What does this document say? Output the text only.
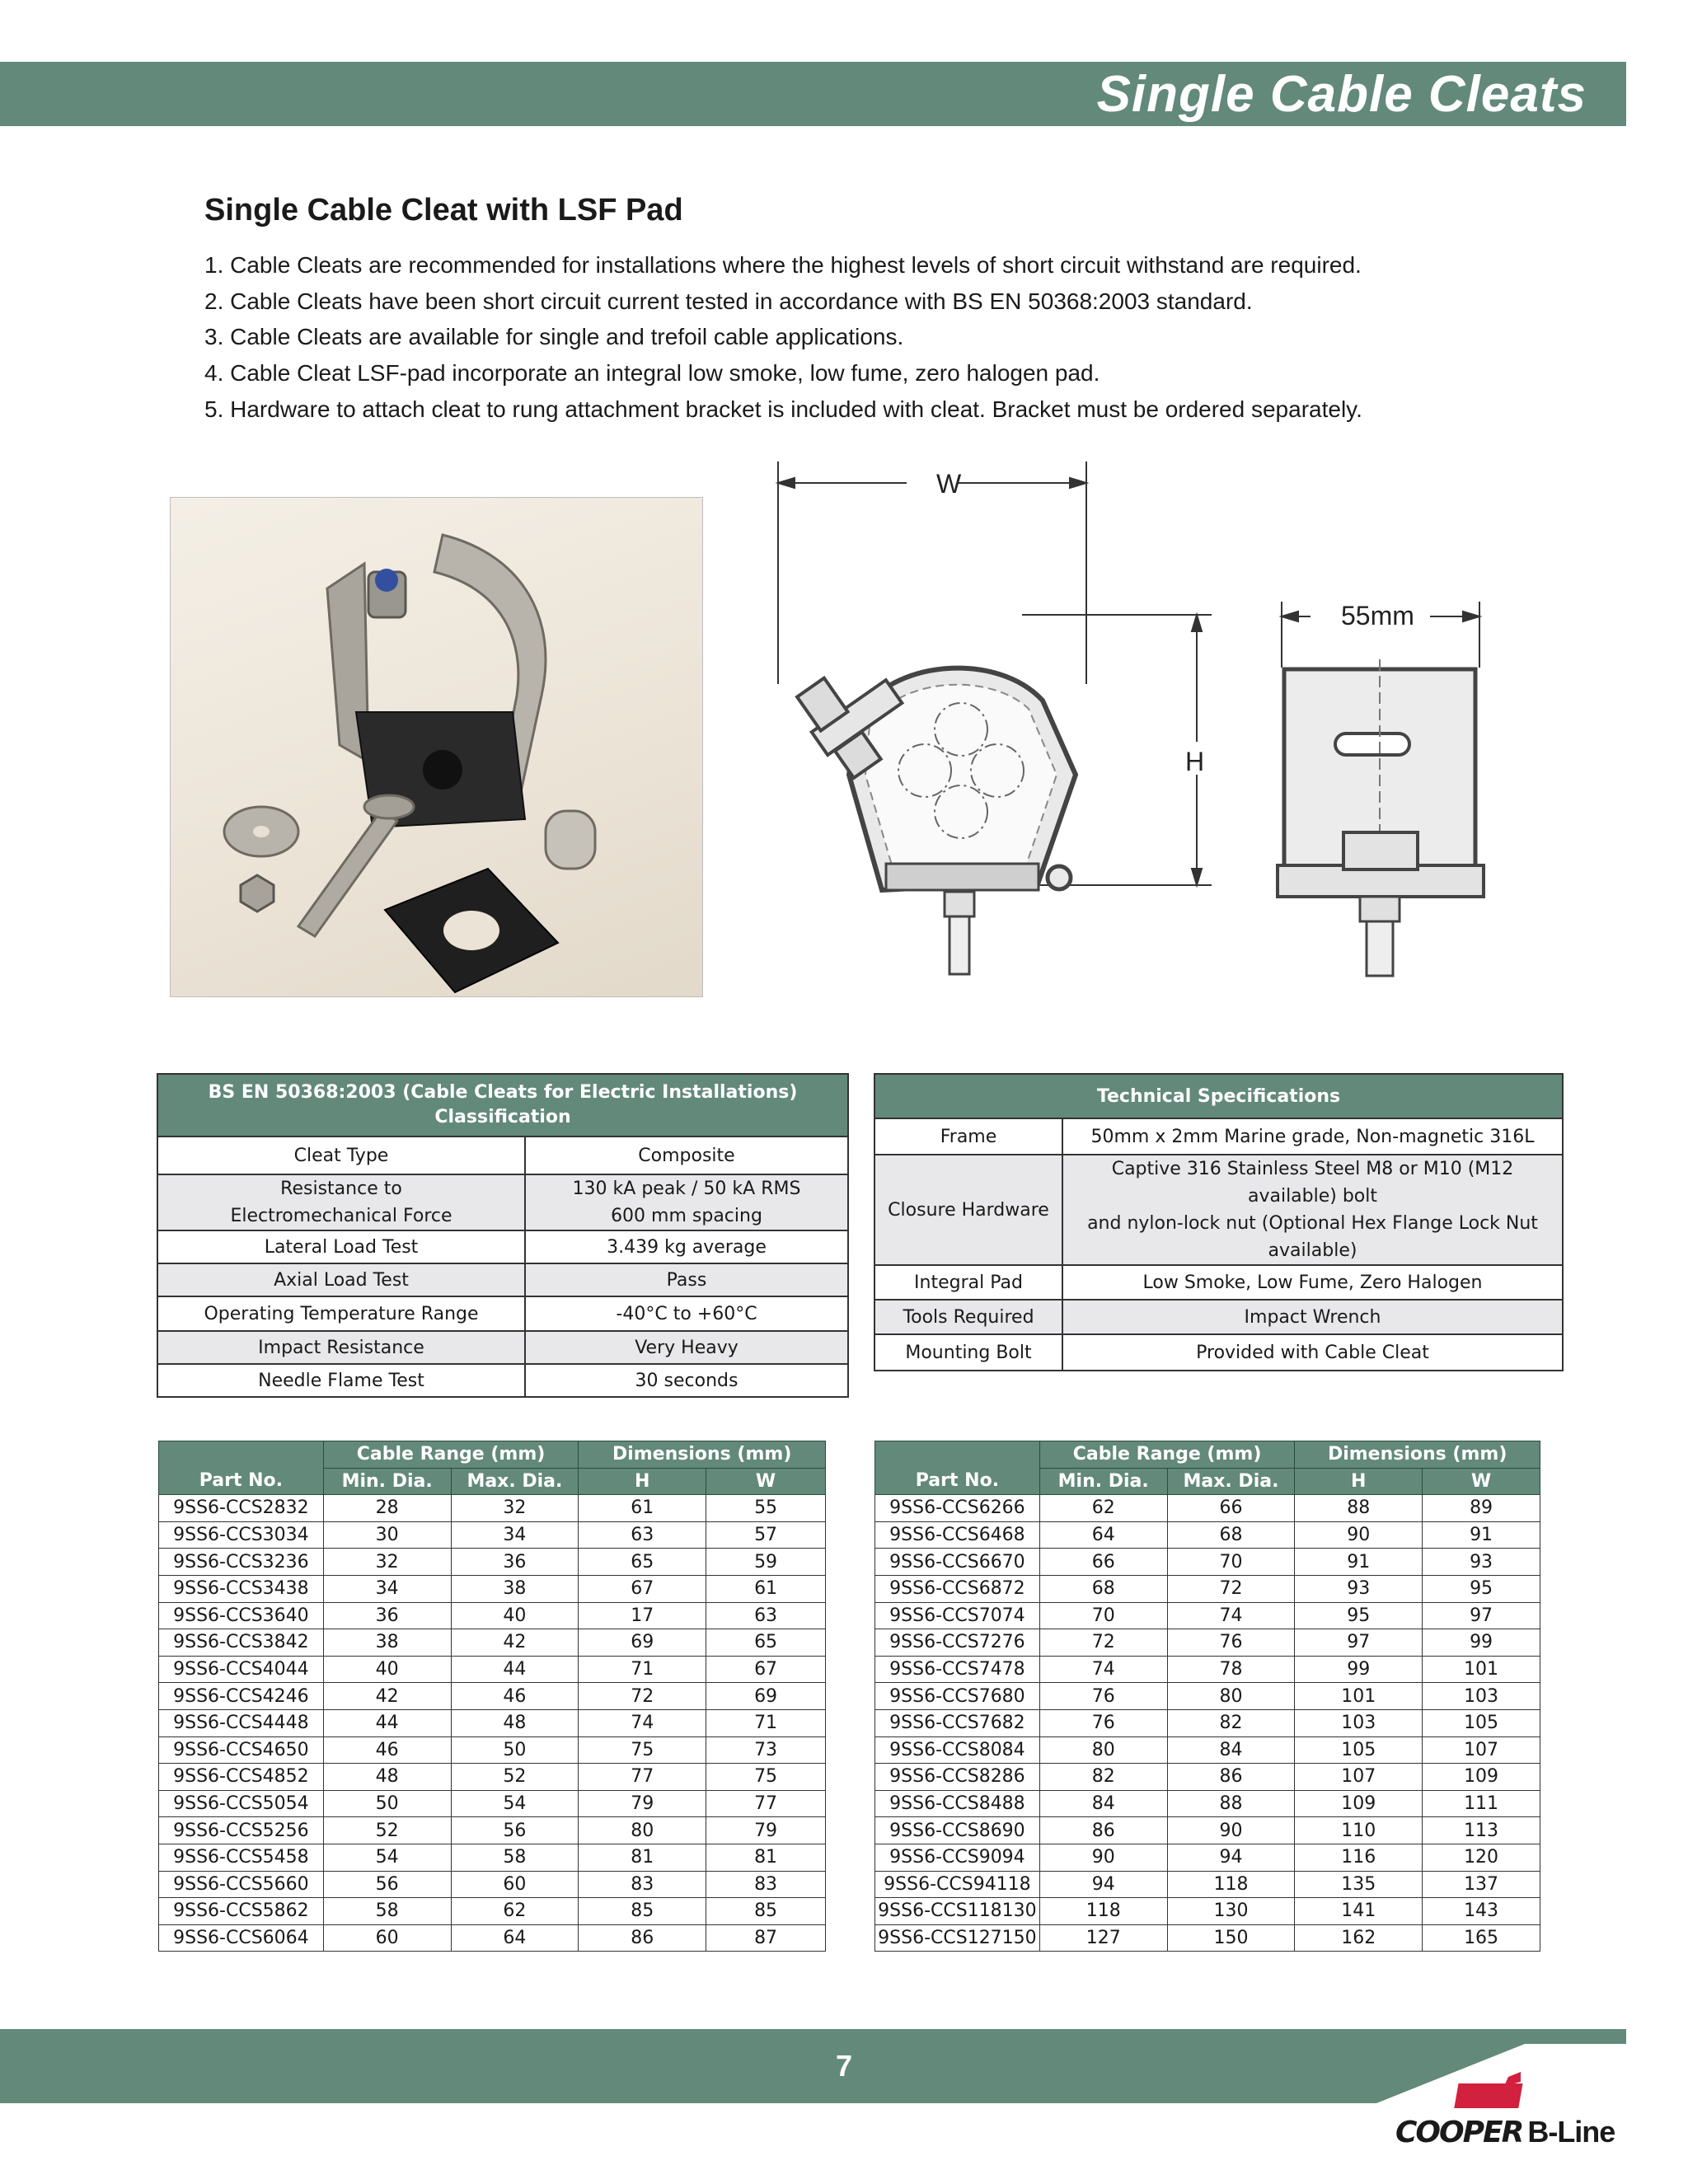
Single Cable Cleats
Single Cable Cleat with LSF Pad
1. Cable Cleats are recommended for installations where the highest levels of short circuit withstand are required.
2. Cable Cleats have been short circuit current tested in accordance with BS EN 50368:2003 standard.
3. Cable Cleats are available for single and trefoil cable applications.
4. Cable Cleat LSF-pad incorporate an integral low smoke, low fume, zero halogen pad.
5. Hardware to attach cleat to rung attachment bracket is included with cleat. Bracket must be ordered separately.
W
H
55mm
BS EN 50368:2003 (Cable Cleats for Electric Installations)
Classification	
Cleat Type	Composite
Resistance to
Electromechanical Force	130 kA peak / 50 kA RMS
600 mm spacing
Lateral Load Test	3.439 kg average
Axial Load Test	Pass
Operating Temperature Range	-40°C to +60°C
Impact Resistance	Very Heavy
Needle Flame Test	30 seconds
Technical Specifications	
Frame	50mm x 2mm Marine grade, Non-magnetic 316L
Closure Hardware	Captive 316 Stainless Steel M8 or M10 (M12 available) bolt
and nylon-lock nut (Optional Hex Flange Lock Nut available)
Integral Pad	Low Smoke, Low Fume, Zero Halogen
Tools Required	Impact Wrench
Mounting Bolt	Provided with Cable Cleat
Part No.	Cable Range (mm)		Dimensions (mm)	
	Min. Dia.	Max. Dia.	H	W
9SS6-CCS2832	28	32	61	55
9SS6-CCS3034	30	34	63	57
9SS6-CCS3236	32	36	65	59
9SS6-CCS3438	34	38	67	61
9SS6-CCS3640	36	40	17	63
9SS6-CCS3842	38	42	69	65
9SS6-CCS4044	40	44	71	67
9SS6-CCS4246	42	46	72	69
9SS6-CCS4448	44	48	74	71
9SS6-CCS4650	46	50	75	73
9SS6-CCS4852	48	52	77	75
9SS6-CCS5054	50	54	79	77
9SS6-CCS5256	52	56	80	79
9SS6-CCS5458	54	58	81	81
9SS6-CCS5660	56	60	83	83
9SS6-CCS5862	58	62	85	85
9SS6-CCS6064	60	64	86	87
Part No.	Cable Range (mm)		Dimensions (mm)	
	Min. Dia.	Max. Dia.	H	W
9SS6-CCS6266	62	66	88	89
9SS6-CCS6468	64	68	90	91
9SS6-CCS6670	66	70	91	93
9SS6-CCS6872	68	72	93	95
9SS6-CCS7074	70	74	95	97
9SS6-CCS7276	72	76	97	99
9SS6-CCS7478	74	78	99	101
9SS6-CCS7680	76	80	101	103
9SS6-CCS7682	76	82	103	105
9SS6-CCS8084	80	84	105	107
9SS6-CCS8286	82	86	107	109
9SS6-CCS8488	84	88	109	111
9SS6-CCS8690	86	90	110	113
9SS6-CCS9094	90	94	116	120
9SS6-CCS94118	94	118	135	137
9SS6-CCS118130	118	130	141	143
9SS6-CCS127150	127	150	162	165
7
COOPER B-Line
